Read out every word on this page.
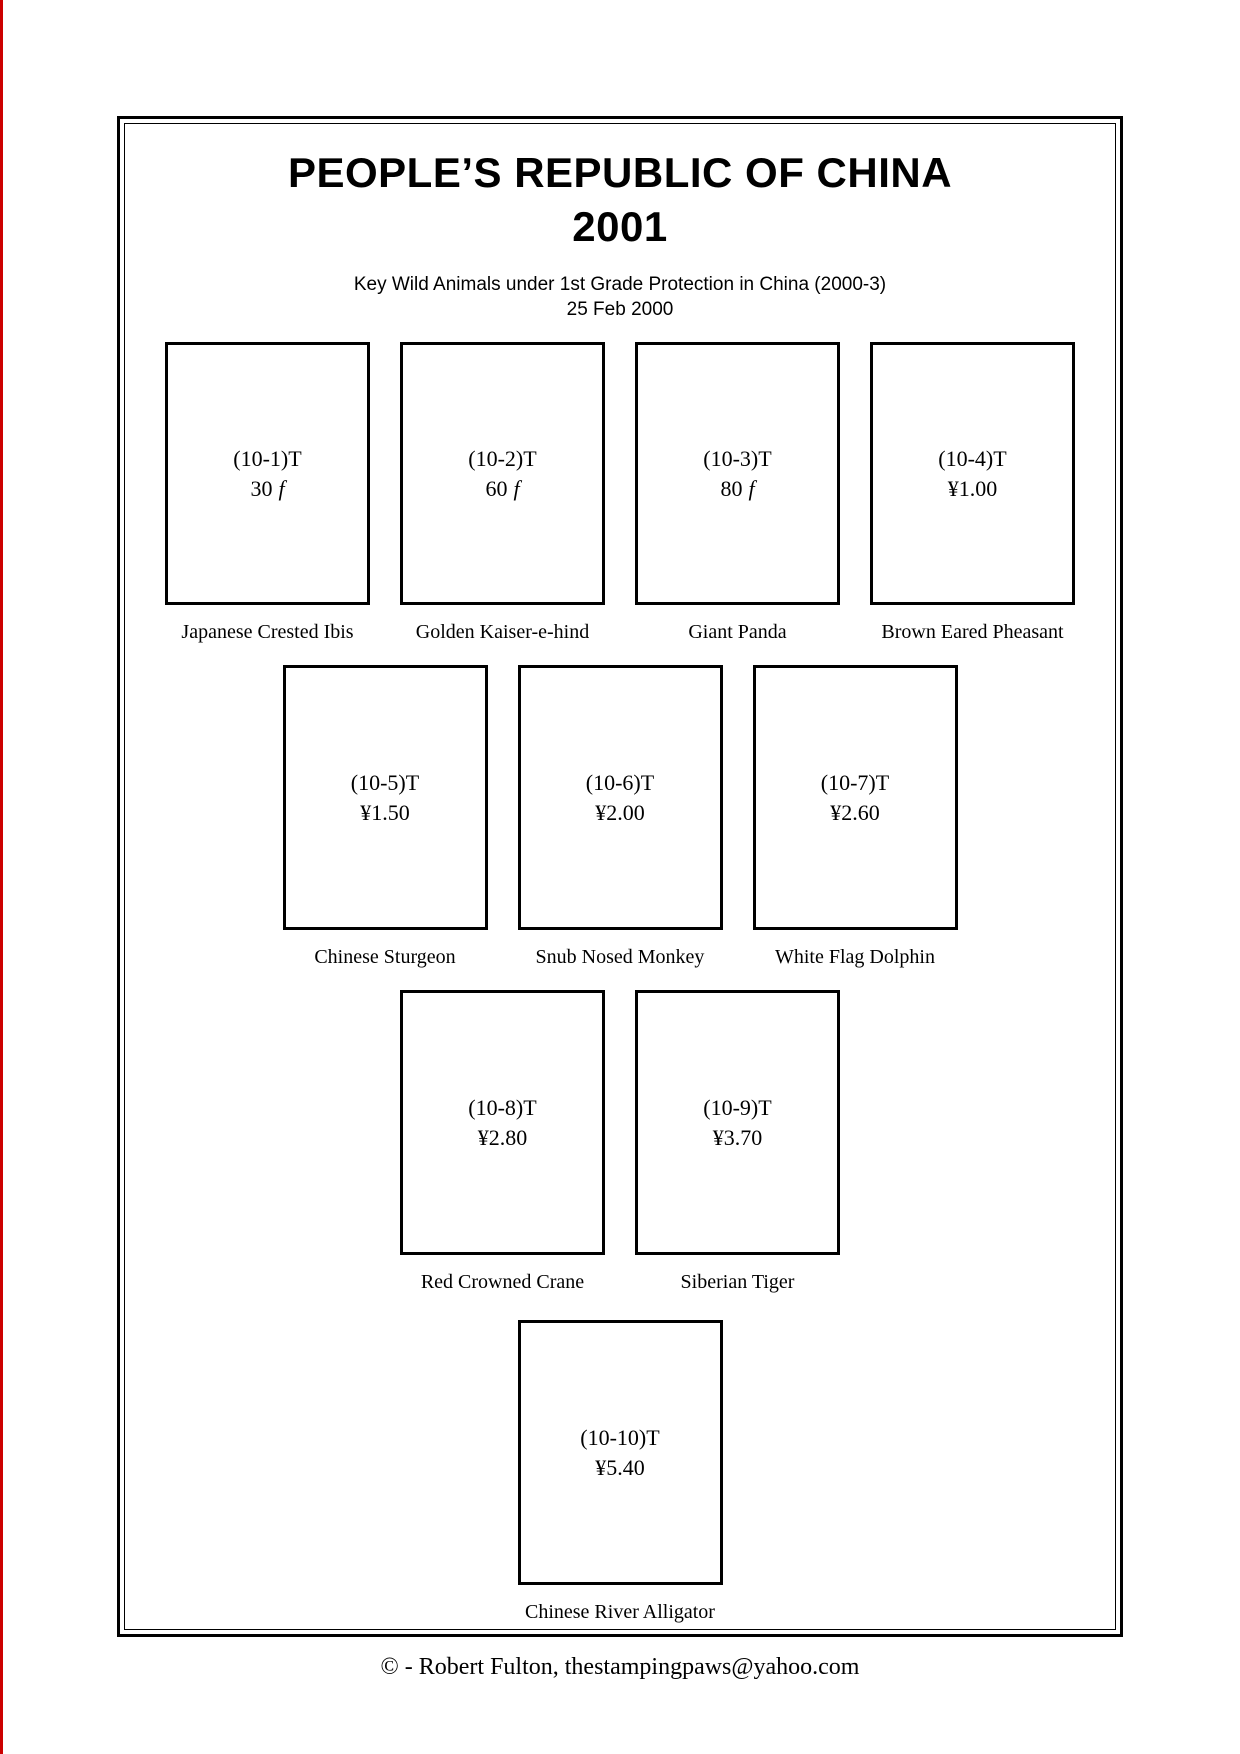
PEOPLE’S REPUBLIC OF CHINA
2001
Key Wild Animals under 1st Grade Protection in China (2000-3)
25 Feb 2000
(10-1)T
30 f
Japanese Crested Ibis
(10-2)T
60 f
Golden Kaiser-e-hind
(10-3)T
80 f
Giant Panda
(10-4)T
¥1.00
Brown Eared Pheasant
(10-5)T
¥1.50
Chinese Sturgeon
(10-6)T
¥2.00
Snub Nosed Monkey
(10-7)T
¥2.60
White Flag Dolphin
(10-8)T
¥2.80
Red Crowned Crane
(10-9)T
¥3.70
Siberian Tiger
(10-10)T
¥5.40
Chinese River Alligator
© - Robert Fulton, thestampingpaws@yahoo.com
